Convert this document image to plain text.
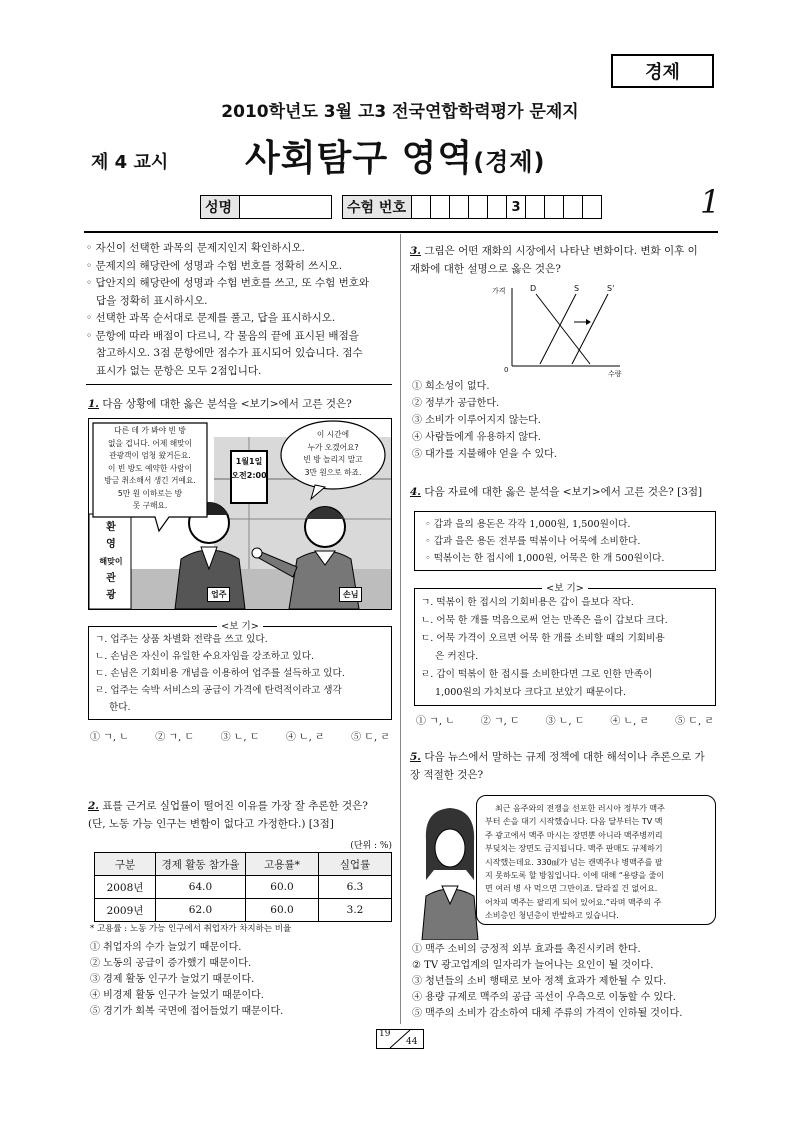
경제
2010학년도 3월 고3 전국연합학력평가 문제지
제 4 교시 사회탐구 영역(경제)
성명	수험 번호	3	1
◦ 자신이 선택한 과목의 문제지인지 확인하시오.
◦ 문제지의 해당란에 성명과 수험 번호를 정확히 쓰시오.
◦ 답안지의 해당란에 성명과 수험 번호를 쓰고, 또 수험 번호와
답을 정확히 표시하시오.
◦ 선택한 과목 순서대로 문제를 풀고, 답을 표시하시오.
◦ 문항에 따라 배점이 다르니, 각 물음의 끝에 표시된 배점을
참고하시오. 3점 문항에만 점수가 표시되어 있습니다. 점수
표시가 없는 문항은 모두 2점입니다.
1. 다음 상황에 대한 옳은 분석을 <보기>에서 고른 것은?
다른 데 가 봐야 빈 방
없을 겁니다. 어제 해맞이
관광객이 엄청 왔거든요.
이 빈 방도 예약한 사람이
방금 취소해서 생긴 거예요.
5만 원 이하로는 방
못 구해요.
이 시간에
누가 오겠어요?
빈 방 놀리지 말고
3만 원으로 하죠.
1월1일
오전2:00
환
영
해맞이
관
광	업주	손님
<보 기>
ㄱ. 업주는 상품 차별화 전략을 쓰고 있다.
ㄴ. 손님은 자신이 유일한 수요자임을 강조하고 있다.
ㄷ. 손님은 기회비용 개념을 이용하여 업주를 설득하고 있다.
ㄹ. 업주는 숙박 서비스의 공급이 가격에 탄력적이라고 생각
한다.
① ㄱ, ㄴ	② ㄱ, ㄷ	③ ㄴ, ㄷ	④ ㄴ, ㄹ	⑤ ㄷ, ㄹ
2. 표를 근거로 실업률이 떨어진 이유를 가장 잘 추론한 것은?
(단, 노동 가능 인구는 변함이 없다고 가정한다.) [3점]
(단위 : %)
구분	경제 활동 참가율	고용률*	실업률
2008년	64.0	60.0	6.3
2009년	62.0	60.0	3.2
* 고용률 : 노동 가능 인구에서 취업자가 차지하는 비율
① 취업자의 수가 늘었기 때문이다.
② 노동의 공급이 증가했기 때문이다.
③ 경제 활동 인구가 늘었기 때문이다.
④ 비경제 활동 인구가 늘었기 때문이다.
⑤ 경기가 회복 국면에 접어들었기 때문이다.
3. 그림은 어떤 재화의 시장에서 나타난 변화이다. 변화 이후 이
재화에 대한 설명으로 옳은 것은?
가격
0	수량
D	S	S'
① 희소성이 없다.
② 정부가 공급한다.
③ 소비가 이루어지지 않는다.
④ 사람들에게 유용하지 않다.
⑤ 대가를 지불해야 얻을 수 있다.
4. 다음 자료에 대한 옳은 분석을 <보기>에서 고른 것은? [3점]
◦ 갑과 을의 용돈은 각각 1,000원, 1,500원이다.
◦ 갑과 을은 용돈 전부를 떡볶이나 어묵에 소비한다.
◦ 떡볶이는 한 접시에 1,000원, 어묵은 한 개 500원이다.
<보 기>
ㄱ. 떡볶이 한 접시의 기회비용은 갑이 을보다 작다.
ㄴ. 어묵 한 개를 먹음으로써 얻는 만족은 을이 갑보다 크다.
ㄷ. 어묵 가격이 오르면 어묵 한 개를 소비할 때의 기회비용
은 커진다.
ㄹ. 갑이 떡볶이 한 접시를 소비한다면 그로 인한 만족이
1,000원의 가치보다 크다고 보았기 때문이다.
① ㄱ, ㄴ	② ㄱ, ㄷ	③ ㄴ, ㄷ	④ ㄴ, ㄹ	⑤ ㄷ, ㄹ
5. 다음 뉴스에서 말하는 규제 정책에 대한 해석이나 추론으로 가
장 적절한 것은?
최근 음주와의 전쟁을 선포한 러시아 정부가 맥주
부터 손을 대기 시작했습니다. 다음 달부터는 TV 맥
주 광고에서 맥주 마시는 장면뿐 아니라 맥주병끼리
부딪치는 장면도 금지됩니다. 맥주 판매도 규제하기
시작했는데요. 330㎖가 넘는 캔맥주나 병맥주를 팔
지 못하도록 할 방침입니다. 이에 대해 “용량을 줄이
면 여러 병 사 먹으면 그만이죠. 달라질 건 없어요.
어차피 맥주는 팔리게 되어 있어요.”라며 맥주의 주
소비층인 청년층이 반발하고 있습니다.
① 맥주 소비의 긍정적 외부 효과를 촉진시키려 한다.
② TV 광고업계의 일자리가 늘어나는 요인이 될 것이다.
③ 청년들의 소비 행태로 보아 정책 효과가 제한될 수 있다.
④ 용량 규제로 맥주의 공급 곡선이 우측으로 이동할 수 있다.
⑤ 맥주의 소비가 감소하여 대체 주류의 가격이 인하될 것이다.
19
44
